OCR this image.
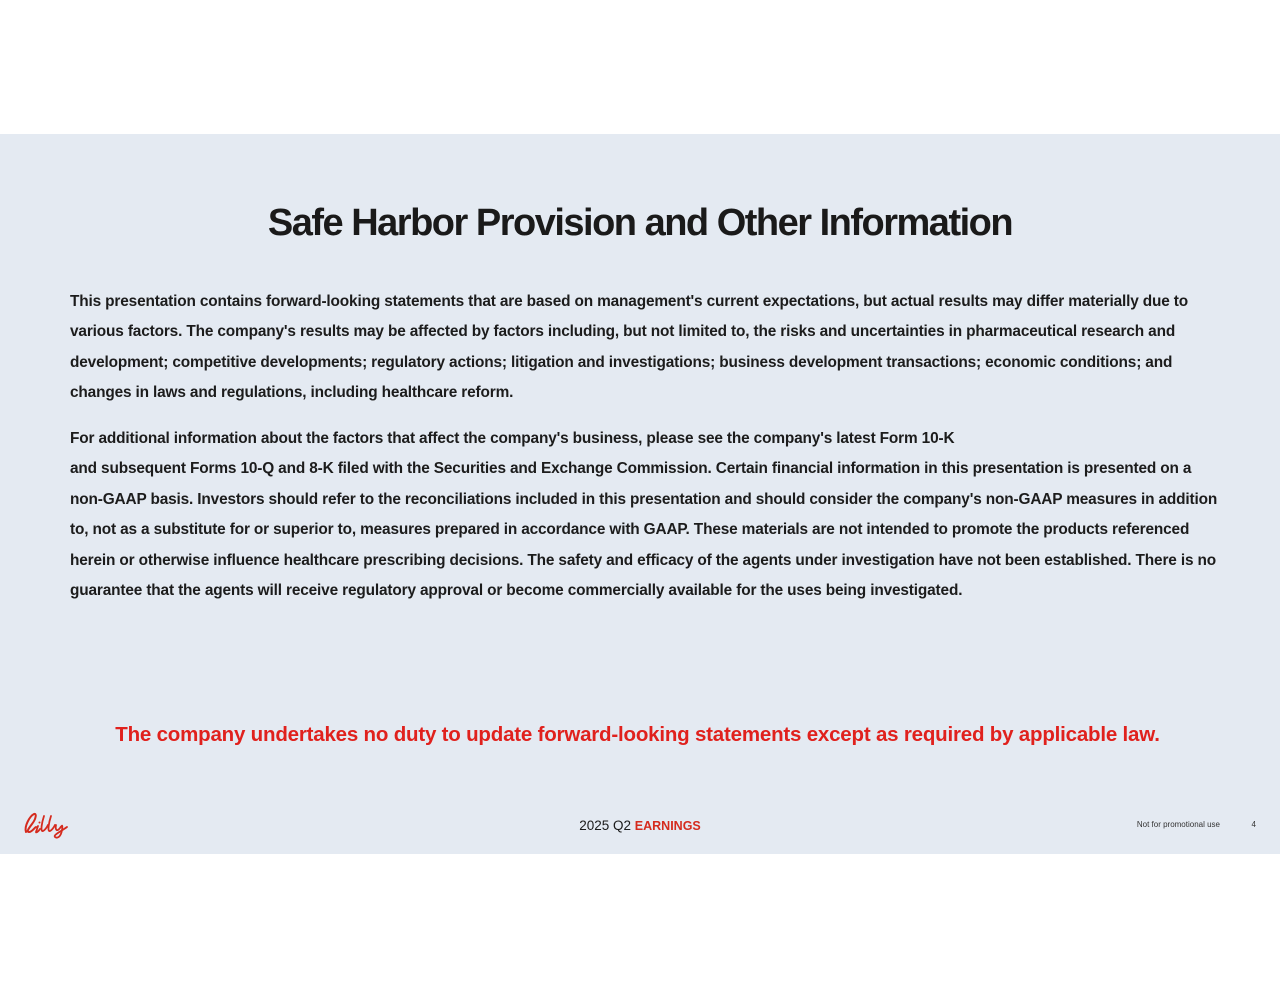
Safe Harbor Provision and Other Information

This presentation contains forward-looking statements that are based on management's current expectations, but actual results may differ materially due to various factors. The company's results may be affected by factors including, but not limited to, the risks and uncertainties in pharmaceutical research and development; competitive developments; regulatory actions; litigation and investigations; business development transactions; economic conditions; and changes in laws and regulations, including healthcare reform.

For additional information about the factors that affect the company's business, please see the company's latest Form 10-K
and subsequent Forms 10-Q and 8-K filed with the Securities and Exchange Commission. Certain financial information in this presentation is presented on a non-GAAP basis. Investors should refer to the reconciliations included in this presentation and should consider the company's non-GAAP measures in addition to, not as a substitute for or superior to, measures prepared in accordance with GAAP. These materials are not intended to promote the products referenced herein or otherwise influence healthcare prescribing decisions. The safety and efficacy of the agents under investigation have not been established. There is no guarantee that the agents will receive regulatory approval or become commercially available for the uses being investigated.

The company undertakes no duty to update forward-looking statements except as required by applicable law.

2025 Q2 EARNINGS	Not for promotional use	4
